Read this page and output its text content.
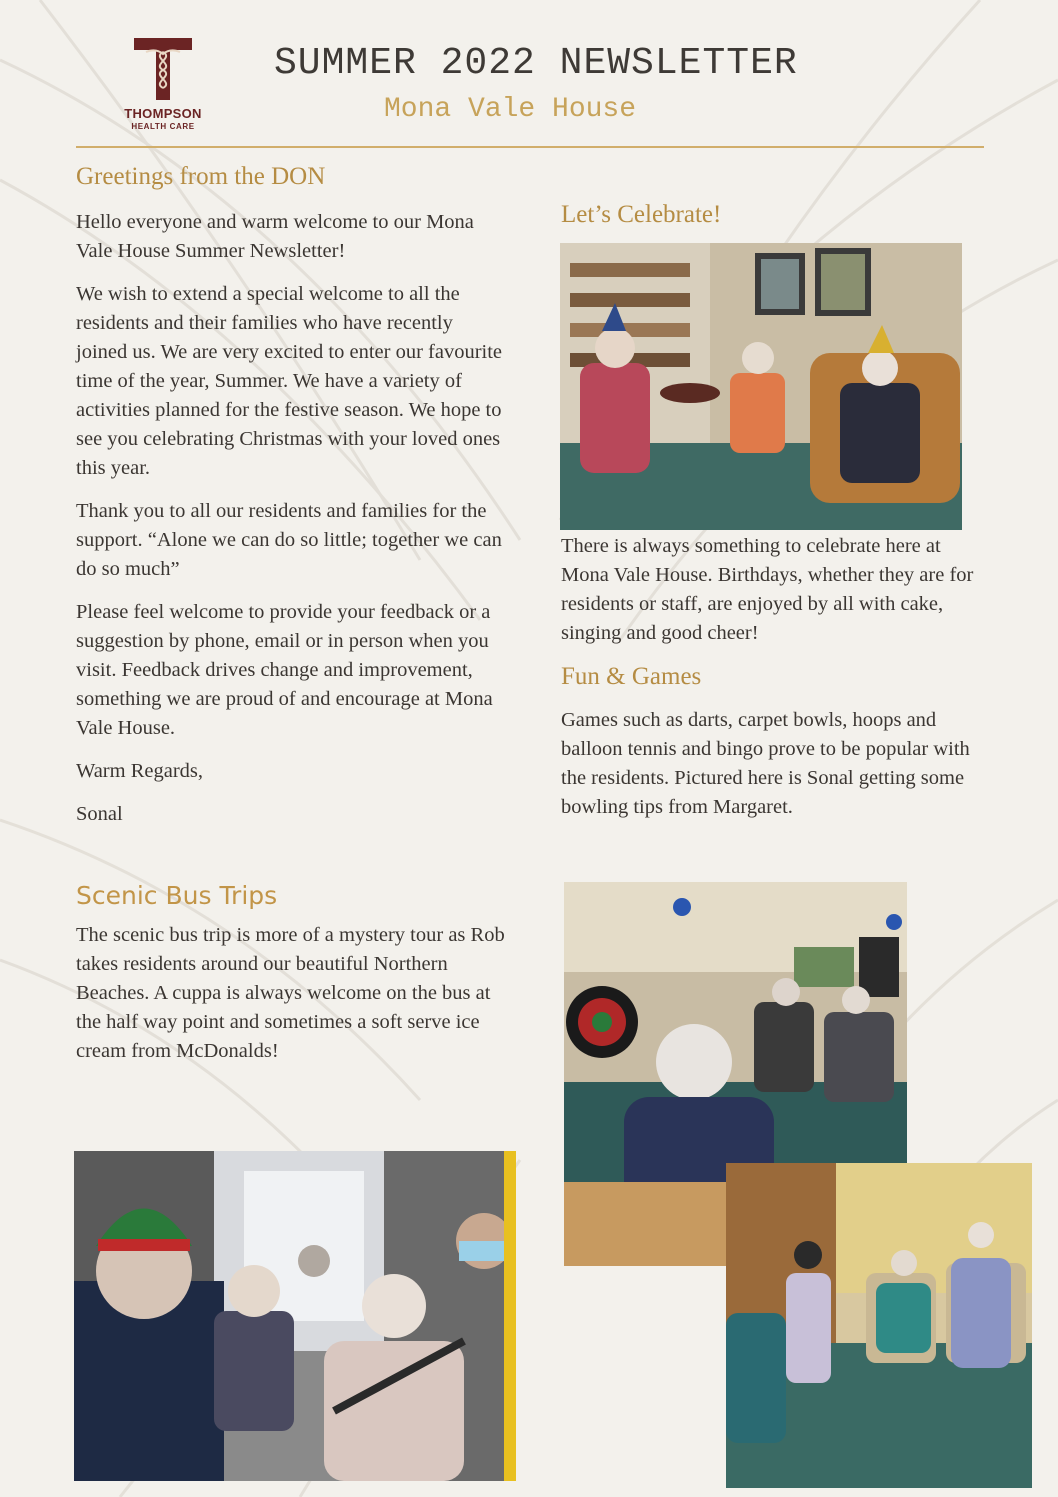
THOMPSON
HEALTH CARE
SUMMER 2022 NEWSLETTER
Mona Vale House
Greetings from the DON

Hello everyone and warm welcome to our Mona Vale House Summer Newsletter!

We wish to extend a special welcome to all the residents and their families who have recently joined us. We are very excited to enter our favourite time of the year, Summer. We have a variety of activities planned for the festive season. We hope to see you celebrating Christmas with your loved ones this year.

Thank you to all our residents and families for the support. “Alone we can do so little; together we can do so much”

Please feel welcome to provide your feedback or a suggestion by phone, email or in person when you visit. Feedback drives change and improvement, something we are proud of and encourage at Mona Vale House.

Warm Regards,

Sonal

Scenic Bus Trips

The scenic bus trip is more of a mystery tour as Rob takes residents around our beautiful Northern Beaches. A cuppa is always welcome on the bus at the half way point and sometimes a soft serve ice cream from McDonalds!

Let’s Celebrate!

There is always something to celebrate here at Mona Vale House. Birthdays, whether they are for residents or staff, are enjoyed by all with cake, singing and good cheer!

Fun & Games

Games such as darts, carpet bowls, hoops and balloon tennis and bingo prove to be popular with the residents. Pictured here is Sonal getting some bowling tips from Margaret.
